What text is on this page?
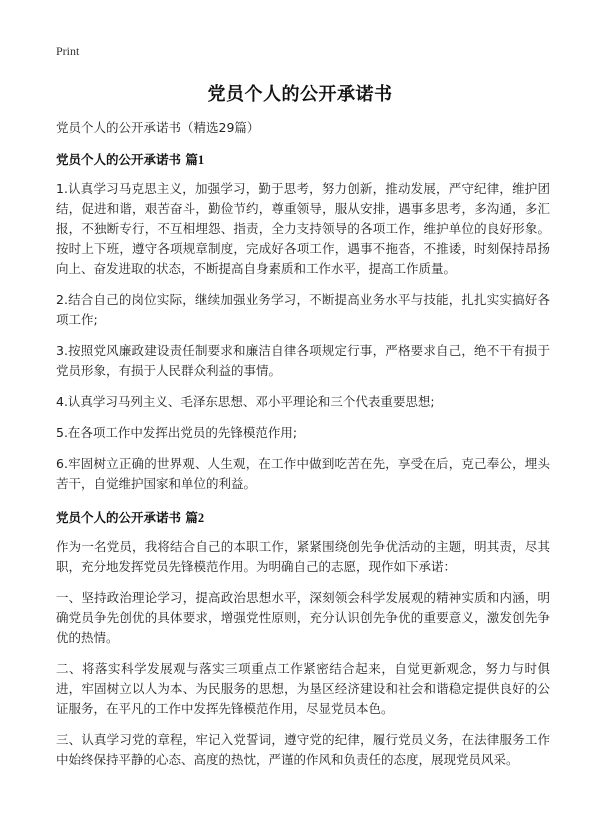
Print
党员个人的公开承诺书
党员个人的公开承诺书（精选29篇）
党员个人的公开承诺书 篇1

1.认真学习马克思主义，加强学习，勤于思考，努力创新，推动发展，严守纪律，维护团结，促进和谐，艰苦奋斗，勤俭节约，尊重领导，服从安排，遇事多思考，多沟通，多汇报，不独断专行，不互相埋怨、指责，全力支持领导的各项工作，维护单位的良好形象。按时上下班，遵守各项规章制度，完成好各项工作，遇事不拖沓，不推诿，时刻保持昂扬向上、奋发进取的状态，不断提高自身素质和工作水平，提高工作质量。

2.结合自己的岗位实际，继续加强业务学习，不断提高业务水平与技能，扎扎实实搞好各项工作;

3.按照党风廉政建设责任制要求和廉洁自律各项规定行事，严格要求自己，绝不干有损于党员形象，有损于人民群众利益的事情。

4.认真学习马列主义、毛泽东思想、邓小平理论和三个代表重要思想;

5.在各项工作中发挥出党员的先锋模范作用;

6.牢固树立正确的世界观、人生观，在工作中做到吃苦在先，享受在后，克己奉公，埋头苦干，自觉维护国家和单位的利益。

党员个人的公开承诺书 篇2

作为一名党员，我将结合自己的本职工作，紧紧围绕创先争优活动的主题，明其责，尽其职，充分地发挥党员先锋模范作用。为明确自己的志愿，现作如下承诺：

一、坚持政治理论学习，提高政治思想水平，深刻领会科学发展观的精神实质和内涵，明确党员争先创优的具体要求，增强党性原则，充分认识创先争优的重要意义，激发创先争优的热情。

二、将落实科学发展观与落实三项重点工作紧密结合起来，自觉更新观念，努力与时俱进，牢固树立以人为本、为民服务的思想，为垦区经济建设和社会和谐稳定提供良好的公证服务，在平凡的工作中发挥先锋模范作用，尽显党员本色。

三、认真学习党的章程，牢记入党誓词，遵守党的纪律，履行党员义务，在法律服务工作中始终保持平静的心态、高度的热忱，严谨的作风和负责任的态度，展现党员风采。
